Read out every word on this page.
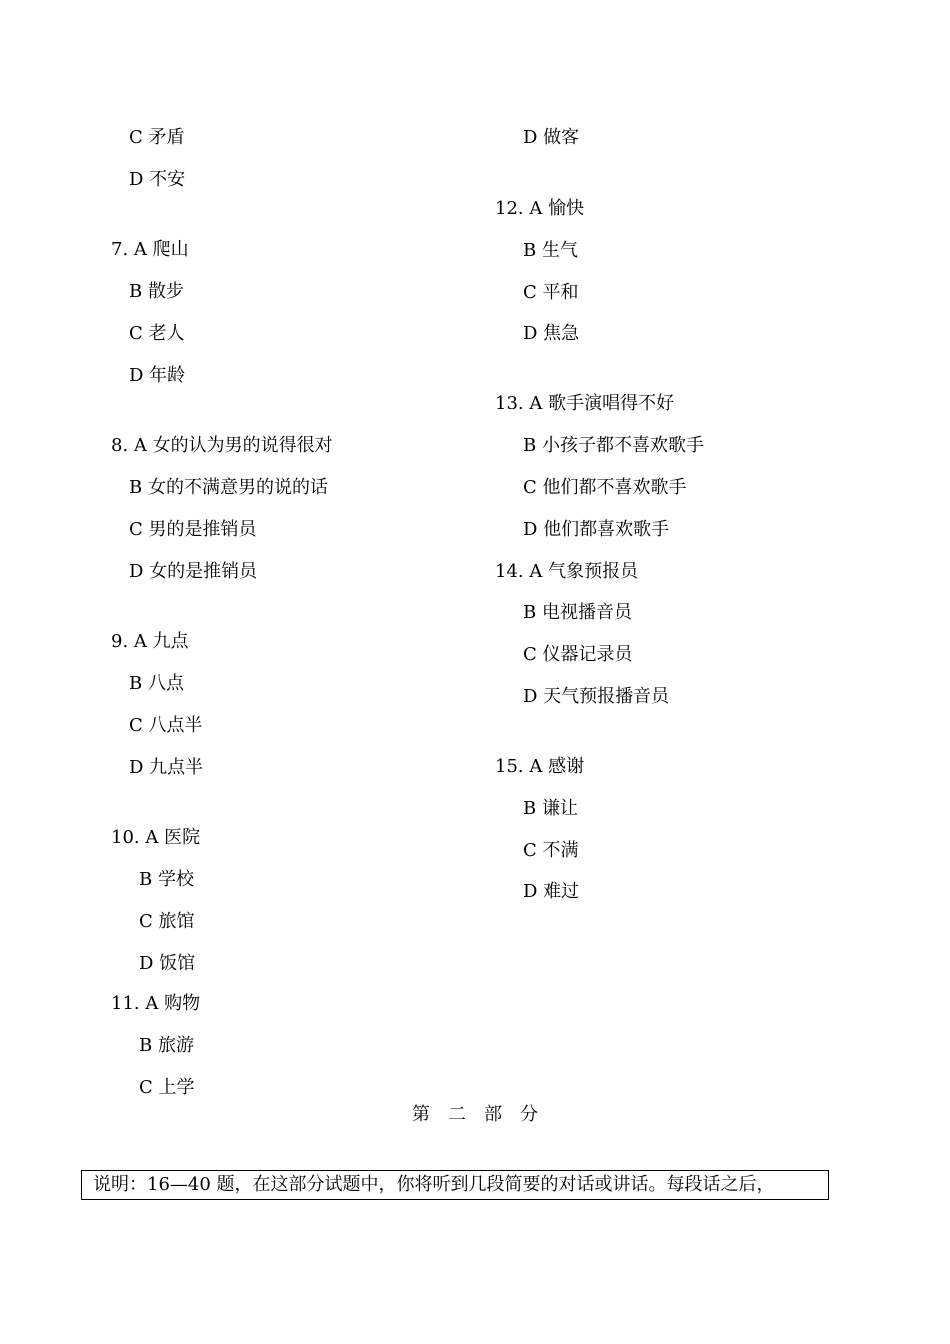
C 矛盾
D 不安
7. A 爬山
B 散步
C 老人
D 年龄
8. A 女的认为男的说得很对
B 女的不满意男的说的话
C 男的是推销员
D 女的是推销员
9. A 九点
B 八点
C 八点半
D 九点半
10. A 医院
B 学校
C 旅馆
D 饭馆
11. A 购物
B 旅游
C 上学
D 做客
12. A 愉快
B 生气
C 平和
D 焦急
13. A 歌手演唱得不好
B 小孩子都不喜欢歌手
C 他们都不喜欢歌手
D 他们都喜欢歌手
14. A 气象预报员
B 电视播音员
C 仪器记录员
D 天气预报播音员
15. A 感谢
B 谦让
C 不满
D 难过
第二部分
说明：16—40 题，在这部分试题中，你将听到几段简要的对话或讲话。每段话之后，
